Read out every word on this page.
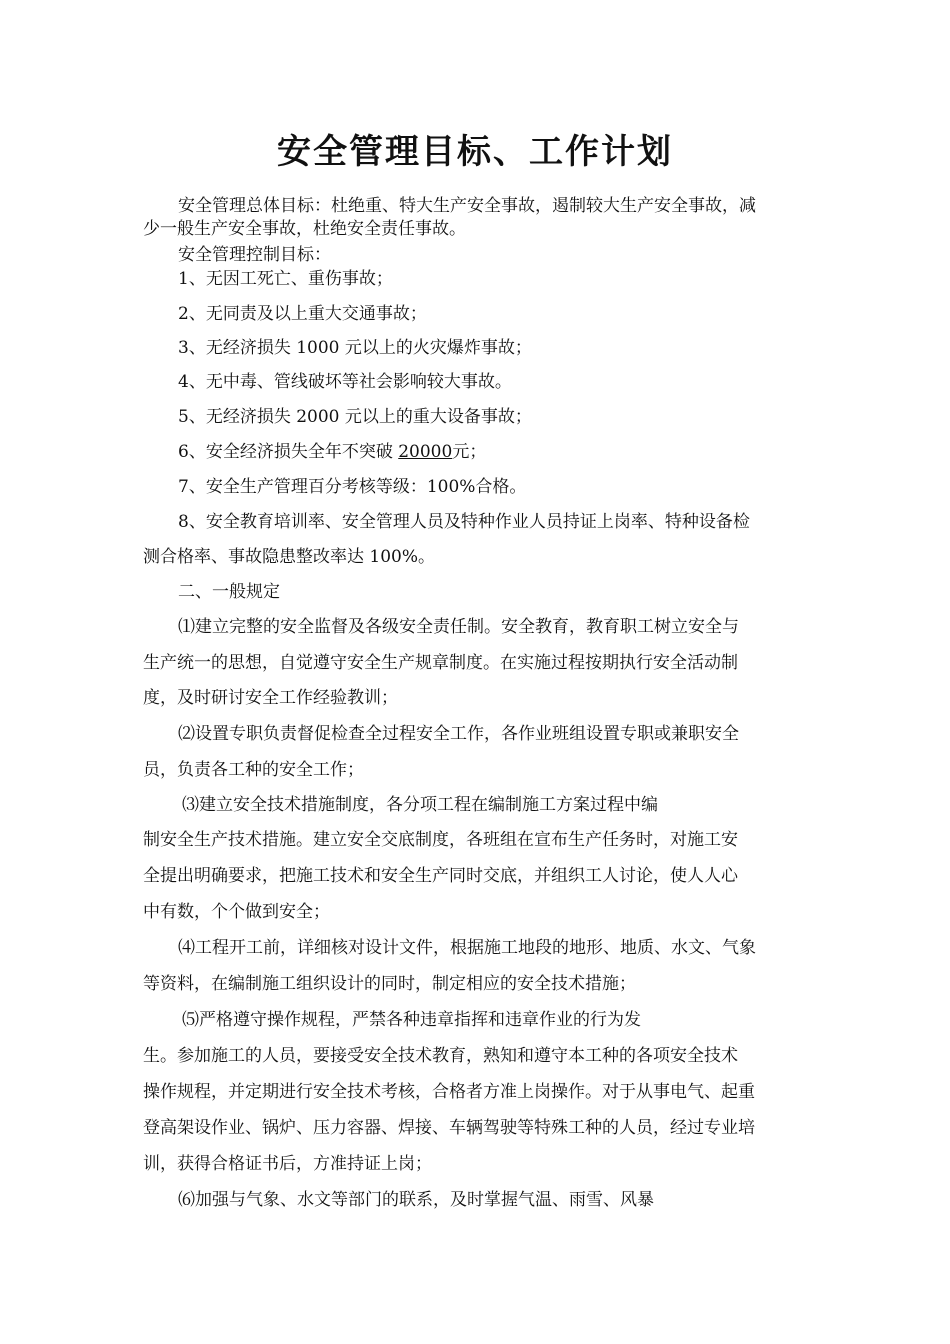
安全管理目标、工作计划
安全管理总体目标：杜绝重、特大生产安全事故，遏制较大生产安全事故，减
少一般生产安全事故，杜绝安全责任事故。
安全管理控制目标：
1、无因工死亡、重伤事故；
2、无同责及以上重大交通事故；
3、无经济损失 1000 元以上的火灾爆炸事故；
4、无中毒、管线破坏等社会影响较大事故。
5、无经济损失 2000 元以上的重大设备事故；
6、安全经济损失全年不突破 20000元；
7、安全生产管理百分考核等级：100%合格。
8、安全教育培训率、安全管理人员及特种作业人员持证上岗率、特种设备检
测合格率、事故隐患整改率达 100%。
二、一般规定
⑴建立完整的安全监督及各级安全责任制。安全教育，教育职工树立安全与
生产统一的思想，自觉遵守安全生产规章制度。在实施过程按期执行安全活动制
度，及时研讨安全工作经验教训；
⑵设置专职负责督促检查全过程安全工作，各作业班组设置专职或兼职安全
员，负责各工种的安全工作；
⑶建立安全技术措施制度，各分项工程在编制施工方案过程中编
制安全生产技术措施。建立安全交底制度，各班组在宣布生产任务时，对施工安
全提出明确要求，把施工技术和安全生产同时交底，并组织工人讨论，使人人心
中有数，个个做到安全；
⑷工程开工前，详细核对设计文件，根据施工地段的地形、地质、水文、气象
等资料，在编制施工组织设计的同时，制定相应的安全技术措施；
⑸严格遵守操作规程，严禁各种违章指挥和违章作业的行为发
生。参加施工的人员，要接受安全技术教育，熟知和遵守本工种的各项安全技术
操作规程，并定期进行安全技术考核，合格者方准上岗操作。对于从事电气、起重
登高架设作业、锅炉、压力容器、焊接、车辆驾驶等特殊工种的人员，经过专业培
训，获得合格证书后，方准持证上岗；
⑹加强与气象、水文等部门的联系，及时掌握气温、雨雪、风暴
